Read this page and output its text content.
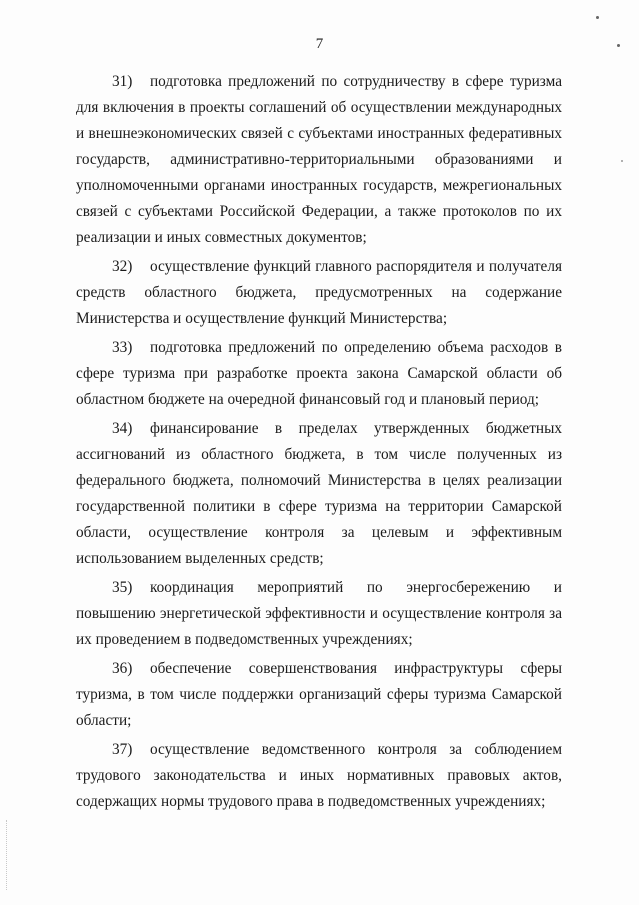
7

31) подготовка предложений по сотрудничеству в сфере туризма для включения в проекты соглашений об осуществлении международных и внешнеэкономических связей с субъектами иностранных федеративных государств, административно-территориальными образованиями и уполномоченными органами иностранных государств, межрегиональных связей с субъектами Российской Федерации, а также протоколов по их реализации и иных совместных документов;

32) осуществление функций главного распорядителя и получателя средств областного бюджета, предусмотренных на содержание Министерства и осуществление функций Министерства;

33) подготовка предложений по определению объема расходов в сфере туризма при разработке проекта закона Самарской области об областном бюджете на очередной финансовый год и плановый период;

34) финансирование в пределах утвержденных бюджетных ассигнований из областного бюджета, в том числе полученных из федерального бюджета, полномочий Министерства в целях реализации государственной политики в сфере туризма на территории Самарской области, осуществление контроля за целевым и эффективным использованием выделенных средств;

35) координация мероприятий по энергосбережению и повышению энергетической эффективности и осуществление контроля за их проведением в подведомственных учреждениях;

36) обеспечение совершенствования инфраструктуры сферы туризма, в том числе поддержки организаций сферы туризма Самарской области;

37) осуществление ведомственного контроля за соблюдением трудового законодательства и иных нормативных правовых актов, содержащих нормы трудового права в подведомственных учреждениях;
